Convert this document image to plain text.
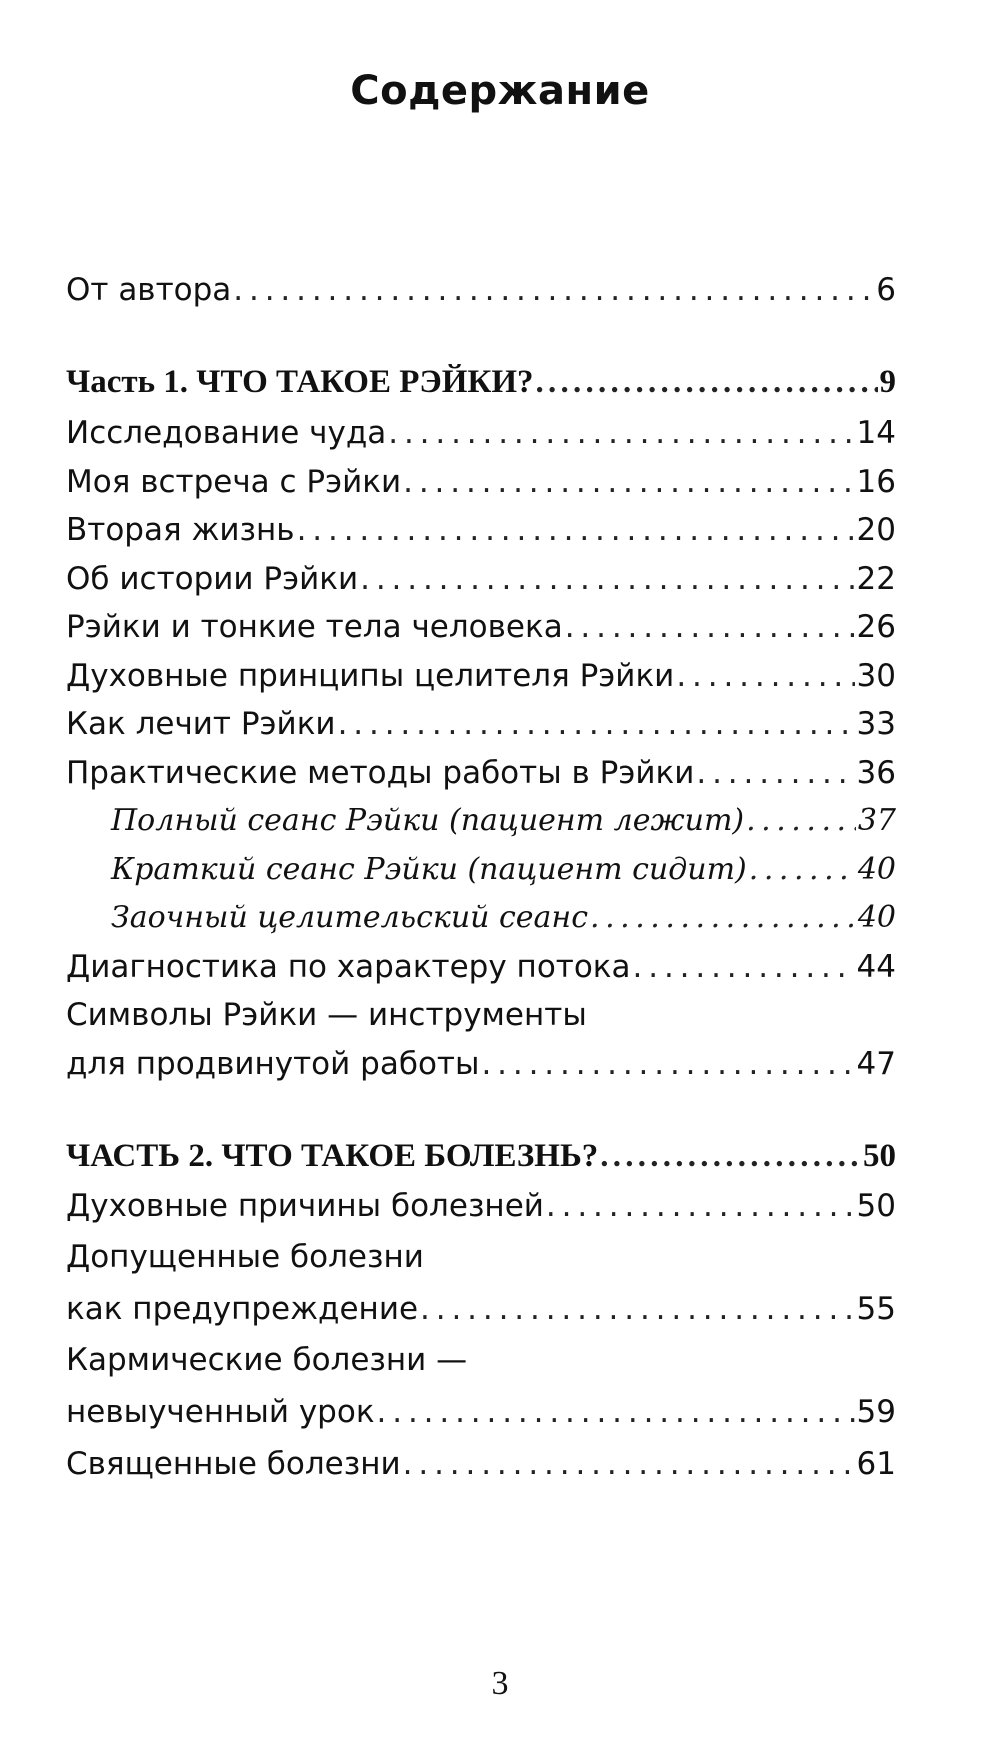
Содержание
От автора . . .	6
Часть 1. ЧТО ТАКОЕ РЭЙКИ? . . .	9
Исследование чуда . . .	14
Моя встреча с Рэйки . . .	16
Вторая жизнь . . .	20
Об истории Рэйки . . .	22
Рэйки и тонкие тела человека . . .	26
Духовные принципы целителя Рэйки . . .	30
Как лечит Рэйки . . .	33
Практические методы работы в Рэйки . . .	36
Полный сеанс Рэйки (пациент лежит) . . .	37
Краткий сеанс Рэйки (пациент сидит) . . .	40
Заочный целительский сеанс . . .	40
Диагностика по характеру потока . . .	44
Символы Рэйки — инструменты
для продвинутой работы . . .	47
ЧАСТЬ 2. ЧТО ТАКОЕ БОЛЕЗНЬ? . . .	50
Духовные причины болезней . . .	50
Допущенные болезни
как предупреждение . . .	55
Кармические болезни —
невыученный урок . . .	59
Священные болезни . . .	61
3
